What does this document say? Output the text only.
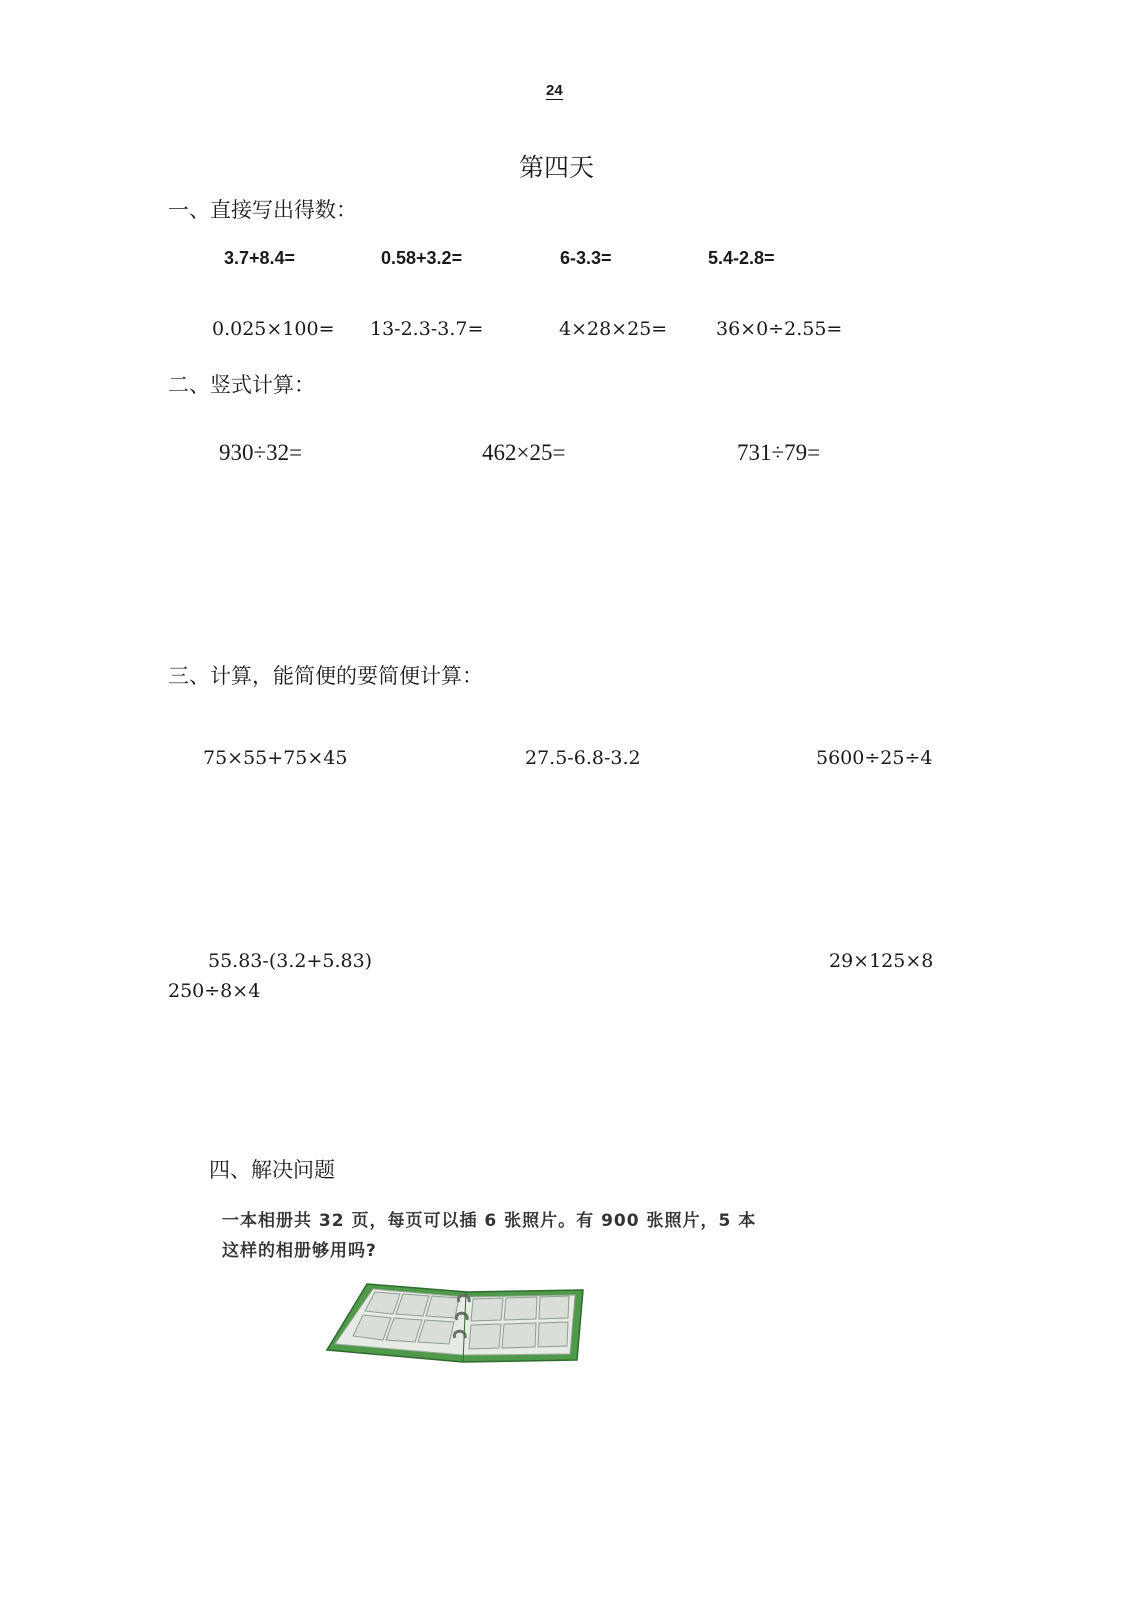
24
第四天
一、直接写出得数：
3.7+8.4=	0.58+3.2=	6-3.3=	5.4-2.8=
0.025×100= 13-2.3-3.7=	4×28×25=	36×0÷2.55=
二、竖式计算：
930÷32=	462×25=	731÷79=
三、计算，能简便的要简便计算：
75×55+75×45	27.5-6.8-3.2	5600÷25÷4
55.83-(3.2+5.83)	29×125×8
250÷8×4
四、解决问题
一本相册共 32 页，每页可以插 6 张照片。有 900 张照片，5 本
这样的相册够用吗?
